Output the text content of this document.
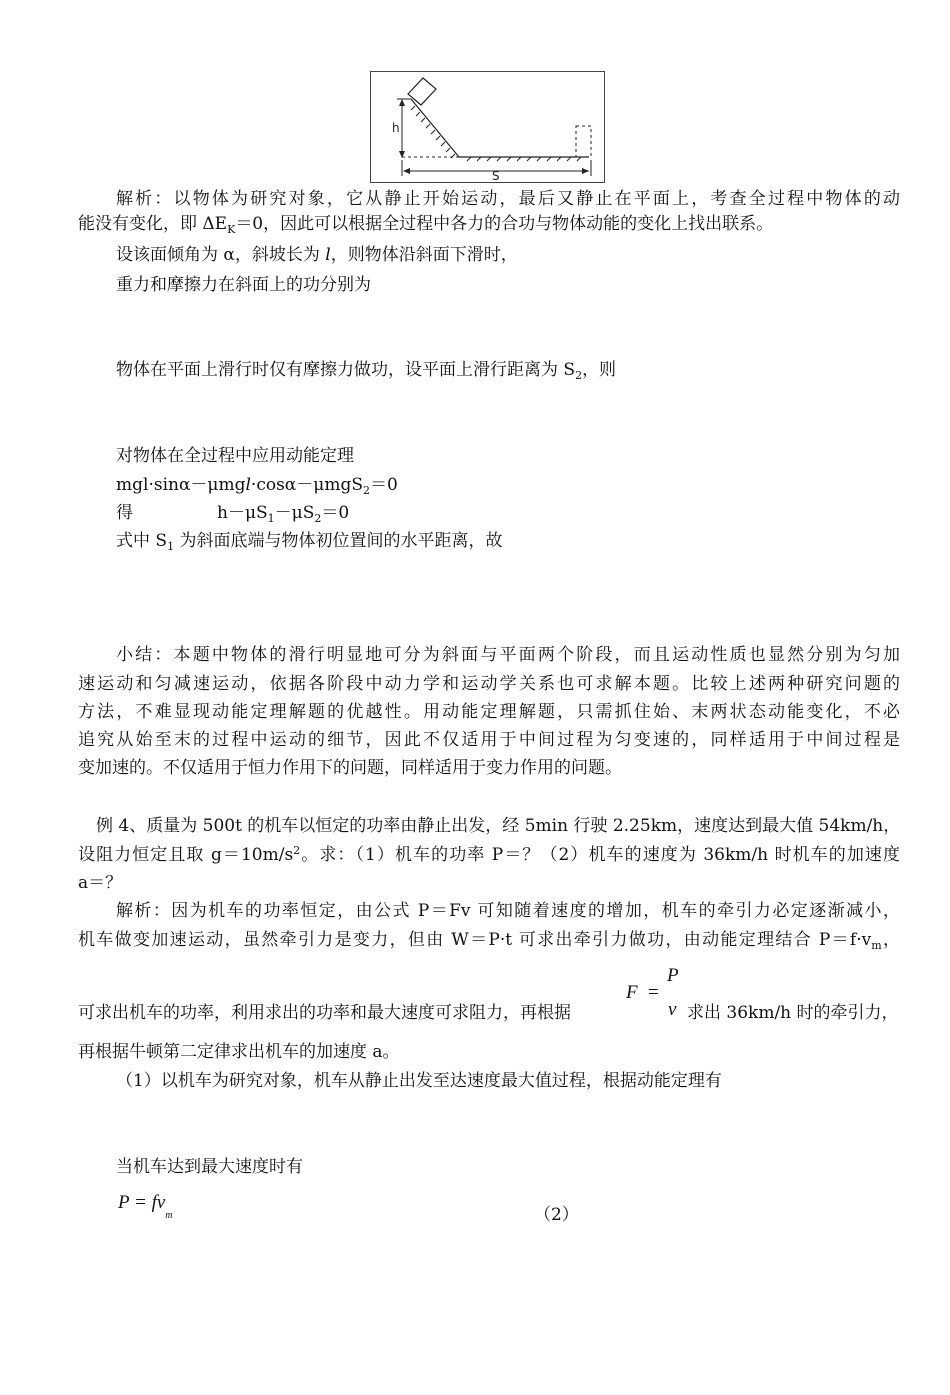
h
S
解析：以物体为研究对象，它从静止开始运动，最后又静止在平面上，考查全过程中物体的动
能没有变化，即 $\Delta E_K=0$，因此可以根据全过程中各力的合功与物体动能的变化上找出联系。
设该面倾角为 α，斜坡长为 l，则物体沿斜面下滑时，
重力和摩擦力在斜面上的功分别为
物体在平面上滑行时仅有摩擦力做功，设平面上滑行距离为 $S_2$，则
对物体在全过程中应用动能定理
mgl·sinα－μmgl·cosα－μmgS$_2$＝0
得	$h-\mu S_1-\mu S_2=0$
式中 $S_1$ 为斜面底端与物体初位置间的水平距离，故
小结：本题中物体的滑行明显地可分为斜面与平面两个阶段，而且运动性质也显然分别为匀加
速运动和匀减速运动，依据各阶段中动力学和运动学关系也可求解本题。比较上述两种研究问题的
方法，不难显现动能定理解题的优越性。用动能定理解题，只需抓住始、末两状态动能变化，不必
追究从始至末的过程中运动的细节，因此不仅适用于中间过程为匀变速的，同样适用于中间过程是
变加速的。不仅适用于恒力作用下的问题，同样适用于变力作用的问题。
例 4、质量为 500t 的机车以恒定的功率由静止出发，经 5min 行驶 2.25km，速度达到最大值 54km/h，
设阻力恒定且取 $g=10m/s^2$。求：（1）机车的功率 P＝？（2）机车的速度为 36km/h 时机车的加速度
a＝？
解析：因为机车的功率恒定，由公式 P＝Fv 可知随着速度的增加，机车的牵引力必定逐渐减小，
机车做变加速运动，虽然牵引力是变力，但由 W＝P·t 可求出牵引力做功，由动能定理结合 $P=f\cdot v_m$，
F =
P
v
可求出机车的功率，利用求出的功率和最大速度可求阻力，再根据	求出 36km/h 时的牵引力，
再根据牛顿第二定律求出机车的加速度 a。
（1）以机车为研究对象，机车从静止出发至达速度最大值过程，根据动能定理有
当机车达到最大速度时有
$P = fv_m$	（2）
